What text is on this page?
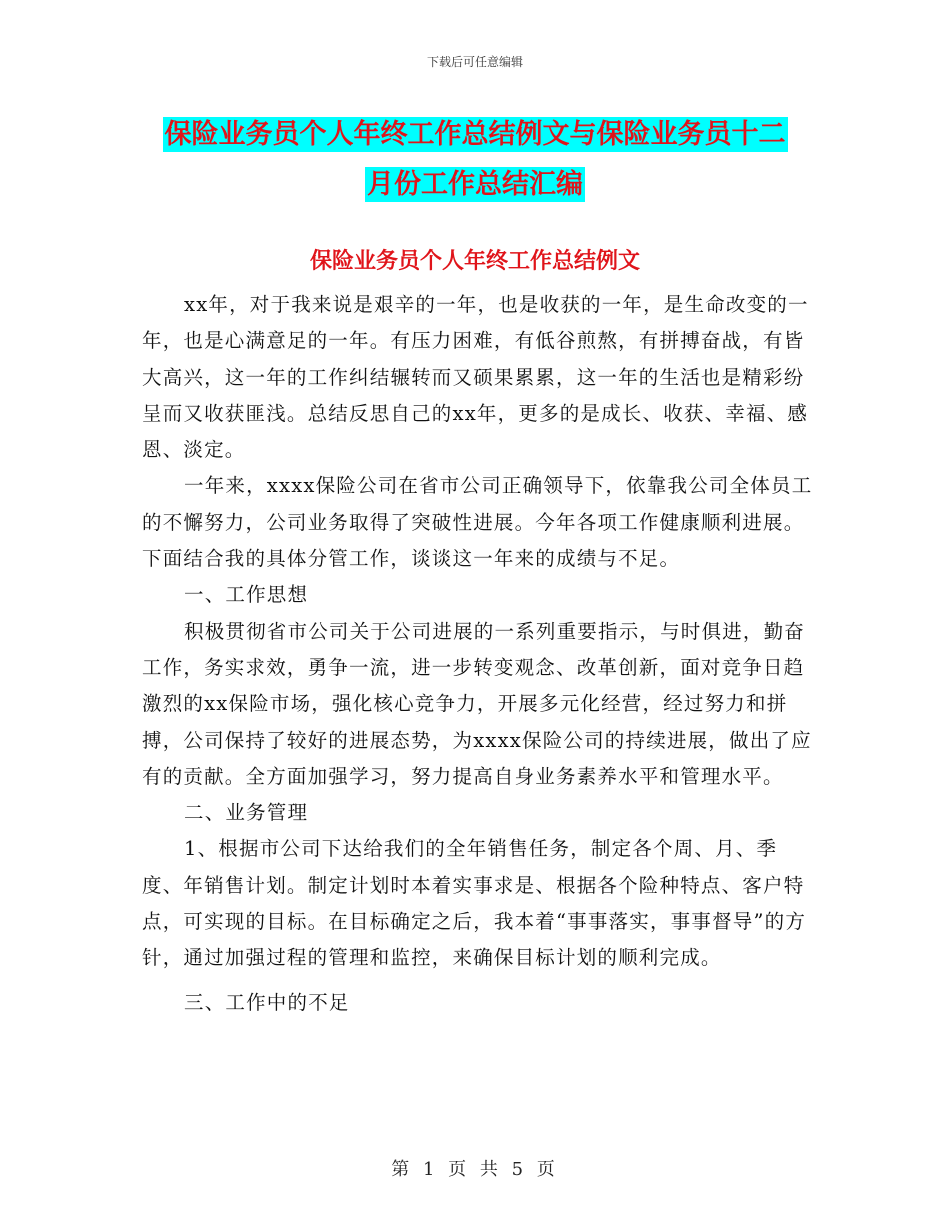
下载后可任意编辑
保险业务员个人年终工作总结例文与保险业务员十二
月份工作总结汇编
保险业务员个人年终工作总结例文

xx年，对于我来说是艰辛的一年，也是收获的一年，是生命改变的一年，也是心满意足的一年。有压力困难，有低谷煎熬，有拼搏奋战，有皆大高兴，这一年的工作纠结辗转而又硕果累累，这一年的生活也是精彩纷呈而又收获匪浅。总结反思自己的xx年，更多的是成长、收获、幸福、感恩、淡定。

一年来，xxxx保险公司在省市公司正确领导下，依靠我公司全体员工的不懈努力，公司业务取得了突破性进展。今年各项工作健康顺利进展。下面结合我的具体分管工作，谈谈这一年来的成绩与不足。

一、工作思想

积极贯彻省市公司关于公司进展的一系列重要指示，与时俱进，勤奋工作，务实求效，勇争一流，进一步转变观念、改革创新，面对竞争日趋激烈的xx保险市场，强化核心竞争力，开展多元化经营，经过努力和拼搏，公司保持了较好的进展态势，为xxxx保险公司的持续进展，做出了应有的贡献。全方面加强学习，努力提高自身业务素养水平和管理水平。

二、业务管理

1、根据市公司下达给我们的全年销售任务，制定各个周、月、季度、年销售计划。制定计划时本着实事求是、根据各个险种特点、客户特点，可实现的目标。在目标确定之后，我本着“事事落实，事事督导”的方针，通过加强过程的管理和监控，来确保目标计划的顺利完成。

三、工作中的不足

第 1 页 共 5 页
